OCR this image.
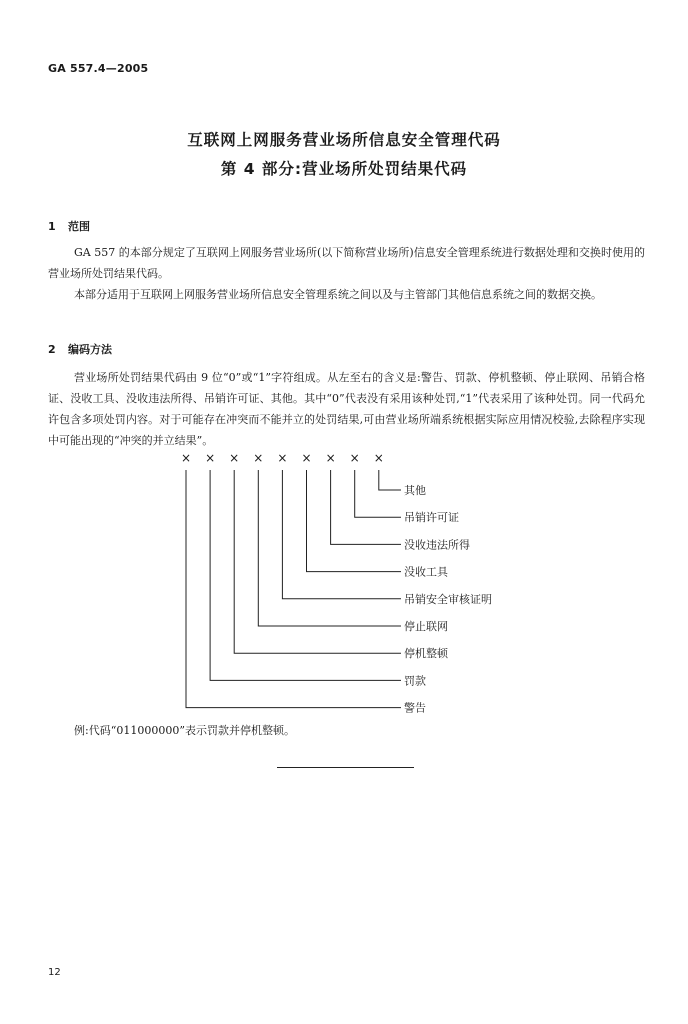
GA 557.4—2005
互联网上网服务营业场所信息安全管理代码
第 4 部分:营业场所处罚结果代码
1 范围
GA 557 的本部分规定了互联网上网服务营业场所(以下简称营业场所)信息安全管理系统进行数据处理和交换时使用的营业场所处罚结果代码。
本部分适用于互联网上网服务营业场所信息安全管理系统之间以及与主管部门其他信息系统之间的数据交换。
2 编码方法
营业场所处罚结果代码由 9 位“0”或“1”字符组成。从左至右的含义是:警告、罚款、停机整顿、停止联网、吊销合格证、没收工具、没收违法所得、吊销许可证、其他。其中“0”代表没有采用该种处罚,“1”代表采用了该种处罚。同一代码允许包含多项处罚内容。对于可能存在冲突而不能并立的处罚结果,可由营业场所端系统根据实际应用情况校验,去除程序实现中可能出现的“冲突的并立结果”。
× × × × × × × × ×
其他
吊销许可证
没收违法所得
没收工具
吊销安全审核证明
停止联网
停机整顿
罚款
警告
例:代码“011000000”表示罚款并停机整顿。
12
